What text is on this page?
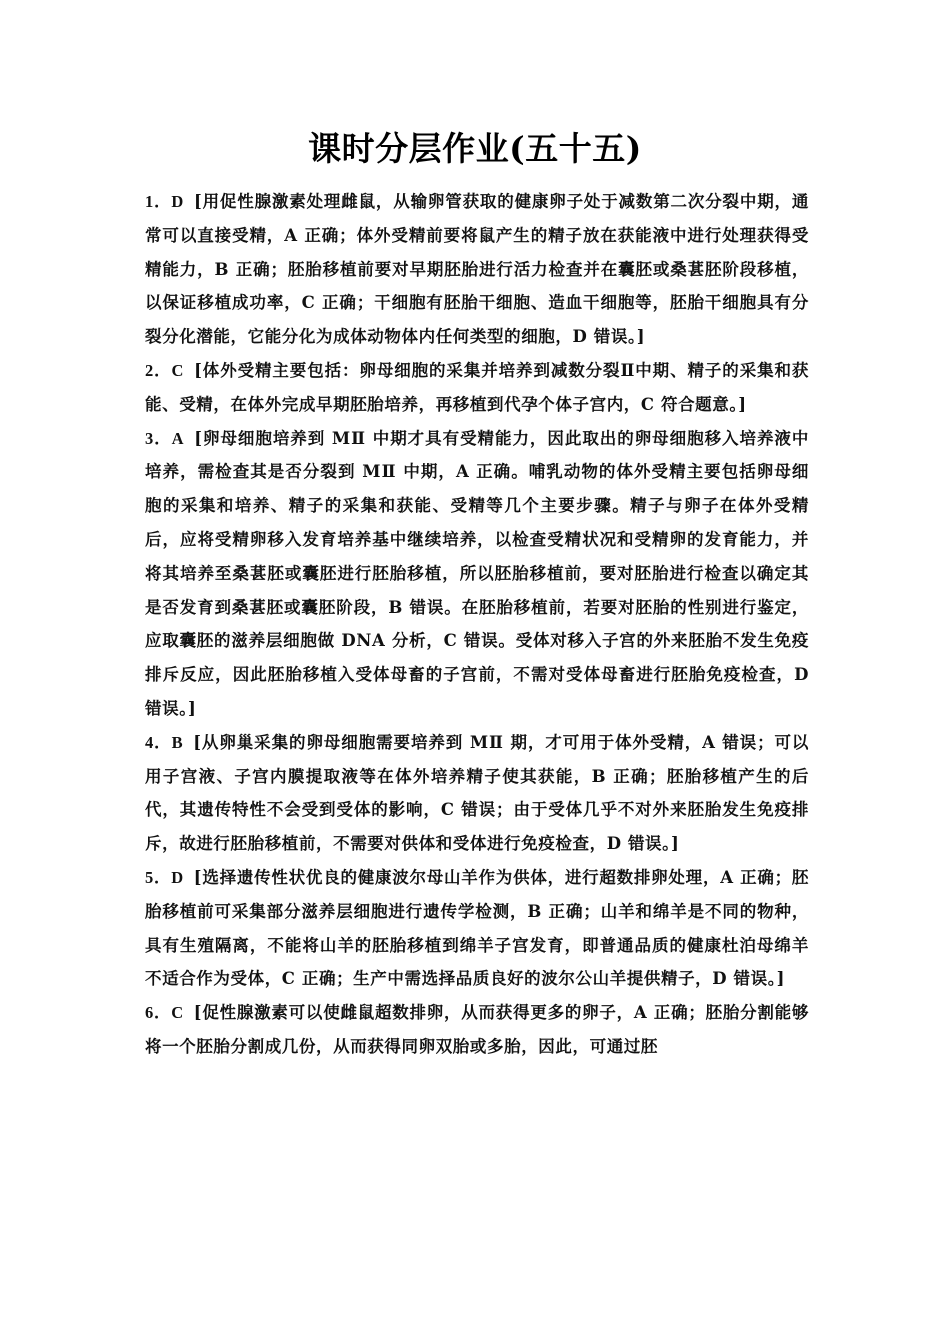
课时分层作业(五十五)

1．D [用促性腺激素处理雌鼠，从输卵管获取的健康卵子处于减数第二次分裂中期，通常可以直接受精，A 正确；体外受精前要将鼠产生的精子放在获能液中进行处理获得受精能力，B 正确；胚胎移植前要对早期胚胎进行活力检查并在囊胚或桑葚胚阶段移植，以保证移植成功率，C 正确；干细胞有胚胎干细胞、造血干细胞等，胚胎干细胞具有分裂分化潜能，它能分化为成体动物体内任何类型的细胞，D 错误。]

2．C [体外受精主要包括：卵母细胞的采集并培养到减数分裂Ⅱ中期、精子的采集和获能、受精，在体外完成早期胚胎培养，再移植到代孕个体子宫内，C 符合题意。]

3．A [卵母细胞培养到 MⅡ 中期才具有受精能力，因此取出的卵母细胞移入培养液中培养，需检查其是否分裂到 MⅡ 中期，A 正确。哺乳动物的体外受精主要包括卵母细胞的采集和培养、精子的采集和获能、受精等几个主要步骤。精子与卵子在体外受精后，应将受精卵移入发育培养基中继续培养，以检查受精状况和受精卵的发育能力，并将其培养至桑葚胚或囊胚进行胚胎移植，所以胚胎移植前，要对胚胎进行检查以确定其是否发育到桑葚胚或囊胚阶段，B 错误。在胚胎移植前，若要对胚胎的性别进行鉴定，应取囊胚的滋养层细胞做 DNA 分析，C 错误。受体对移入子宫的外来胚胎不发生免疫排斥反应，因此胚胎移植入受体母畜的子宫前，不需对受体母畜进行胚胎免疫检查，D 错误。]

4．B [从卵巢采集的卵母细胞需要培养到 MⅡ 期，才可用于体外受精，A 错误；可以用子宫液、子宫内膜提取液等在体外培养精子使其获能，B 正确；胚胎移植产生的后代，其遗传特性不会受到受体的影响，C 错误；由于受体几乎不对外来胚胎发生免疫排斥，故进行胚胎移植前，不需要对供体和受体进行免疫检查，D 错误。]

5．D [选择遗传性状优良的健康波尔母山羊作为供体，进行超数排卵处理，A 正确；胚胎移植前可采集部分滋养层细胞进行遗传学检测，B 正确；山羊和绵羊是不同的物种，具有生殖隔离，不能将山羊的胚胎移植到绵羊子宫发育，即普通品质的健康杜泊母绵羊不适合作为受体，C 正确；生产中需选择品质良好的波尔公山羊提供精子，D 错误。]

6．C [促性腺激素可以使雌鼠超数排卵，从而获得更多的卵子，A 正确；胚胎分割能够将一个胚胎分割成几份，从而获得同卵双胎或多胎，因此，可通过胚
